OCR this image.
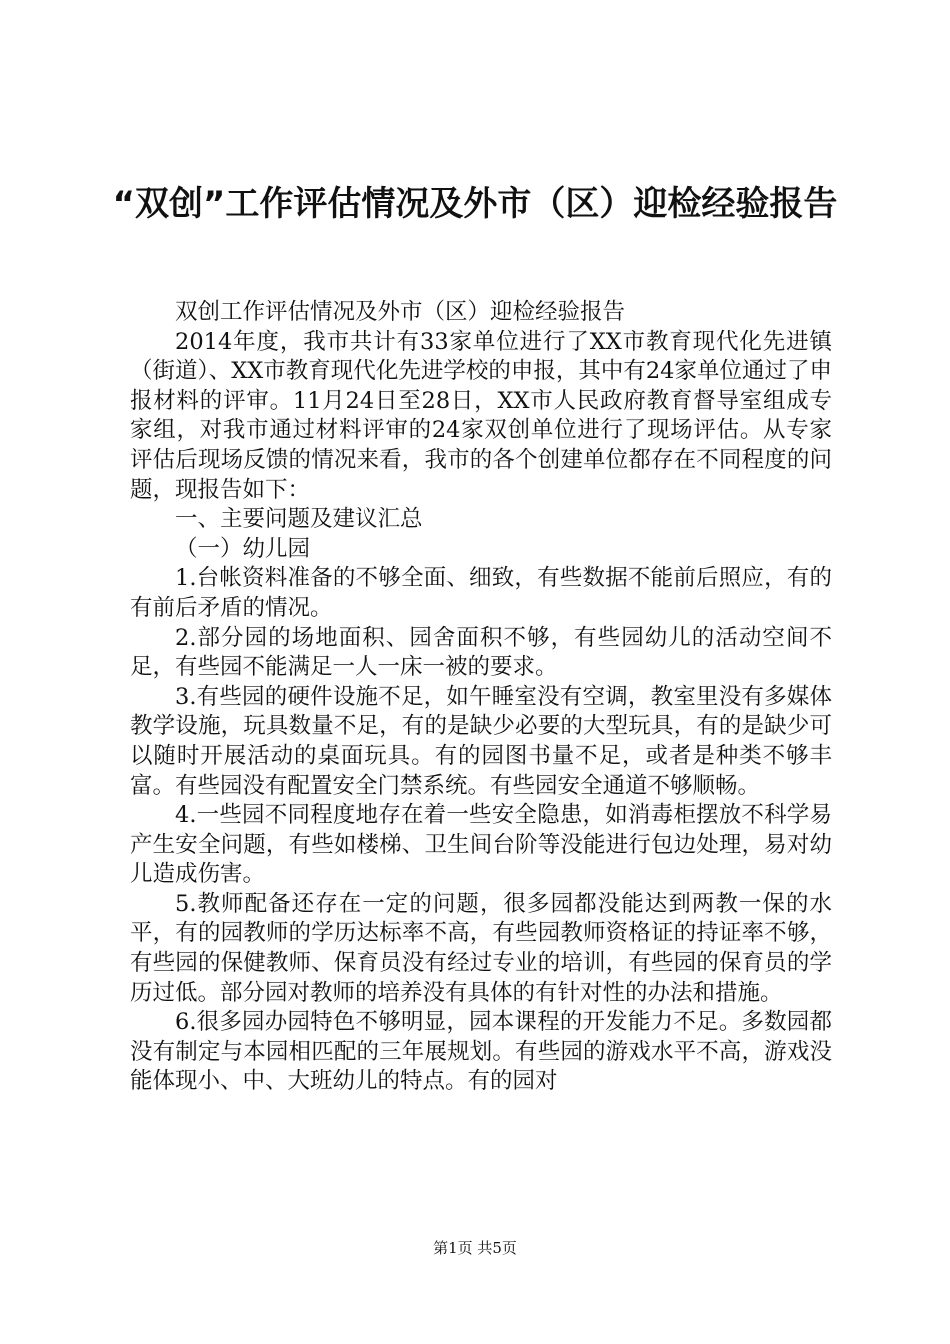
“双创”工作评估情况及外市（区）迎检经验报告

双创工作评估情况及外市（区）迎检经验报告

2014年度，我市共计有33家单位进行了XX市教育现代化先进镇（街道）、XX市教育现代化先进学校的申报，其中有24家单位通过了申报材料的评审。11月24日至28日，XX市人民政府教育督导室组成专家组，对我市通过材料评审的24家双创单位进行了现场评估。从专家评估后现场反馈的情况来看，我市的各个创建单位都存在不同程度的问题，现报告如下：

一、主要问题及建议汇总

（一）幼儿园

1.台帐资料准备的不够全面、细致，有些数据不能前后照应，有的有前后矛盾的情况。

2.部分园的场地面积、园舍面积不够，有些园幼儿的活动空间不足，有些园不能满足一人一床一被的要求。

3.有些园的硬件设施不足，如午睡室没有空调，教室里没有多媒体教学设施，玩具数量不足，有的是缺少必要的大型玩具，有的是缺少可以随时开展活动的桌面玩具。有的园图书量不足，或者是种类不够丰富。有些园没有配置安全门禁系统。有些园安全通道不够顺畅。

4.一些园不同程度地存在着一些安全隐患，如消毒柜摆放不科学易产生安全问题，有些如楼梯、卫生间台阶等没能进行包边处理，易对幼儿造成伤害。

5.教师配备还存在一定的问题，很多园都没能达到两教一保的水平，有的园教师的学历达标率不高，有些园教师资格证的持证率不够，有些园的保健教师、保育员没有经过专业的培训，有些园的保育员的学历过低。部分园对教师的培养没有具体的有针对性的办法和措施。

6.很多园办园特色不够明显，园本课程的开发能力不足。多数园都没有制定与本园相匹配的三年展规划。有些园的游戏水平不高，游戏没能体现小、中、大班幼儿的特点。有的园对

第1页 共5页
